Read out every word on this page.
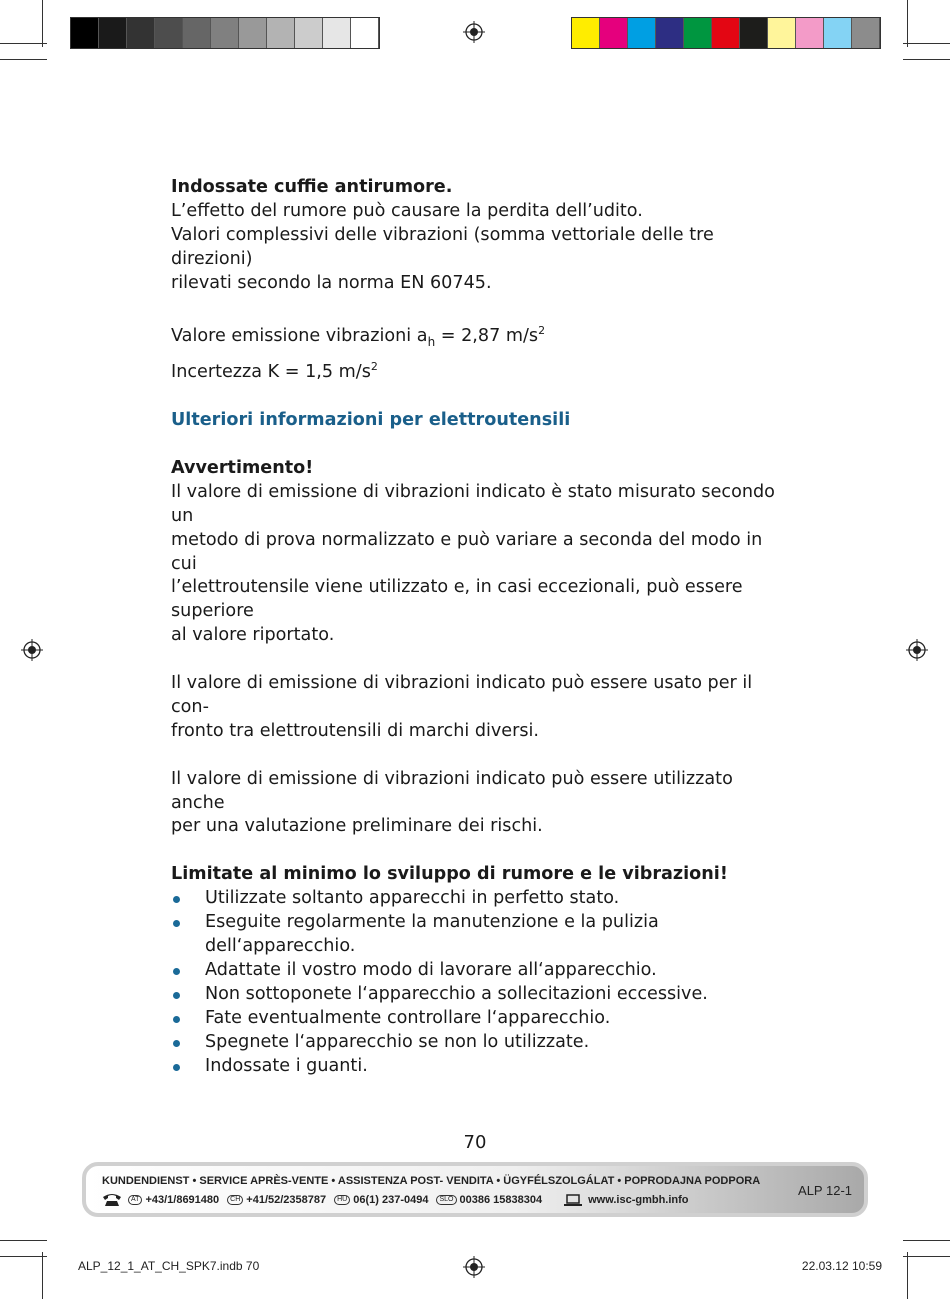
Indossate cuffie antirumore.

L’effetto del rumore può causare la perdita dell’udito.

Valori complessivi delle vibrazioni (somma vettoriale delle tre direzioni)

rilevati secondo la norma EN 60745.

Valore emissione vibrazioni $a_h = 2,87$ $m/s^2$

Incertezza K = 1,5 $m/s^2$

Ulteriori informazioni per elettroutensili

Avvertimento!

Il valore di emissione di vibrazioni indicato è stato misurato secondo un

metodo di prova normalizzato e può variare a seconda del modo in cui

l’elettroutensile viene utilizzato e, in casi eccezionali, può essere superiore

al valore riportato.

Il valore di emissione di vibrazioni indicato può essere usato per il con-

fronto tra elettroutensili di marchi diversi.

Il valore di emissione di vibrazioni indicato può essere utilizzato anche

per una valutazione preliminare dei rischi.

Limitate al minimo lo sviluppo di rumore e le vibrazioni!

Utilizzate soltanto apparecchi in perfetto stato.
Eseguite regolarmente la manutenzione e la pulizia dell‘apparecchio.
Adattate il vostro modo di lavorare all‘apparecchio.
Non sottoponete l‘apparecchio a sollecitazioni eccessive.
Fate eventualmente controllare l‘apparecchio.
Spegnete l‘apparecchio se non lo utilizzate.
Indossate i guanti.
70
KUNDENDIENST • SERVICE APRÈS-VENTE • ASSISTENZA POST- VENDITA • ÜGYFÉLSZOLGÁLAT • POPRODAJNA PODPORA
AT +43/1/8691480	CH +41/52/2358787	HU 06(1) 237-0494	SLO 00386 15838304	www.isc-gmbh.info
ALP 12-1
ALP_12_1_AT_CH_SPK7.indb 70	22.03.12 10:59
